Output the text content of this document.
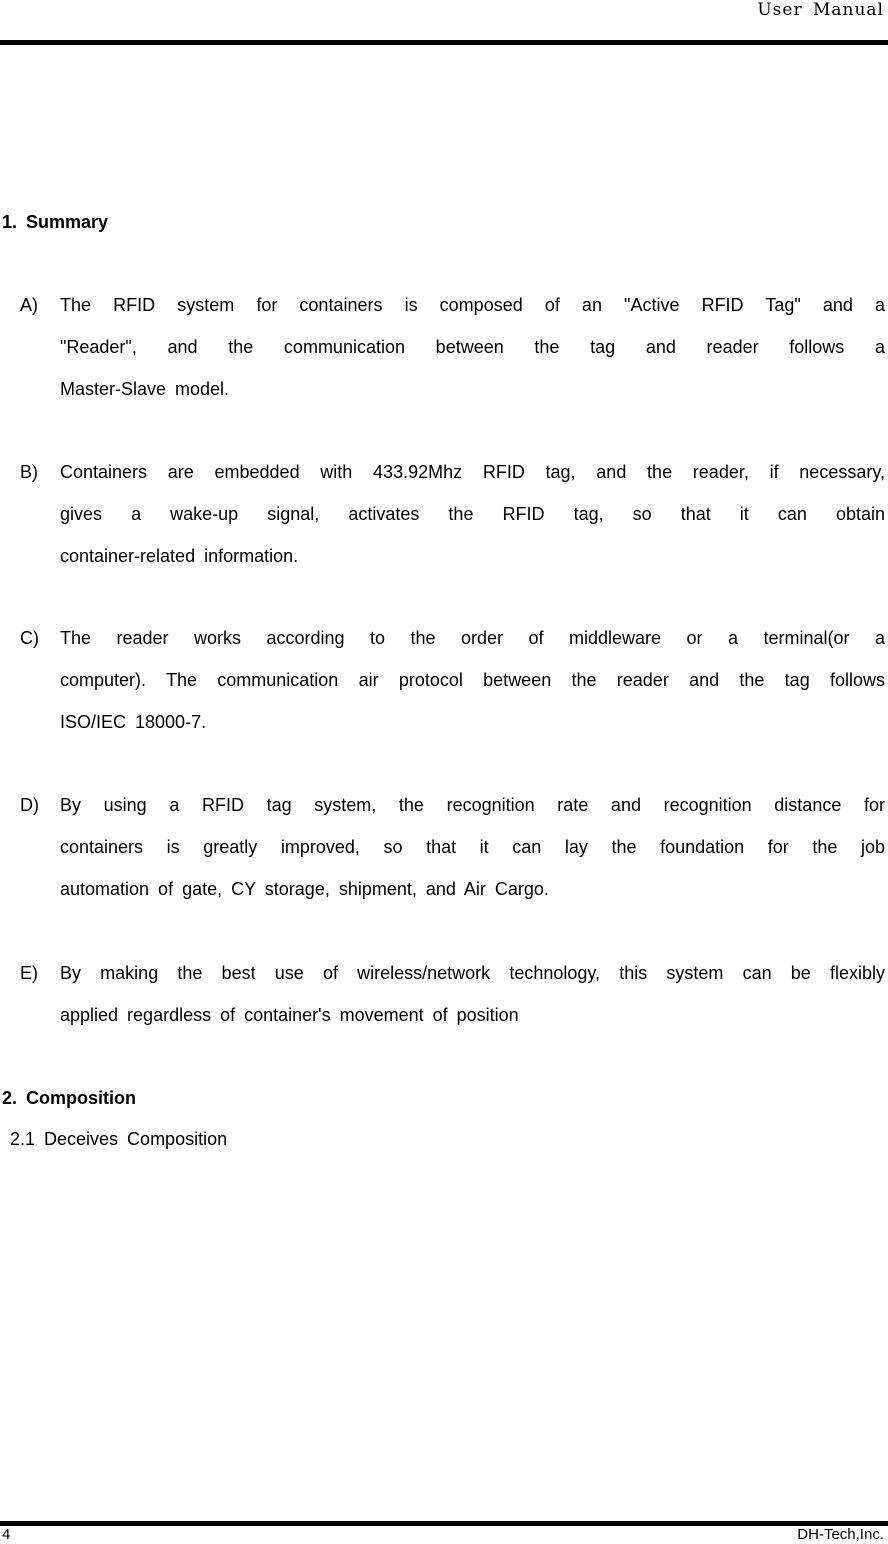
User Manual
1. Summary
A) The RFID system for containers is composed of an "Active RFID Tag" and a
"Reader", and the communication between the tag and reader follows a
Master-Slave model.
B) Containers are embedded with 433.92Mhz RFID tag, and the reader, if necessary,
gives a wake-up signal, activates the RFID tag, so that it can obtain
container-related information.
C) The reader works according to the order of middleware or a terminal(or a
computer). The communication air protocol between the reader and the tag follows
ISO/IEC 18000-7.
D) By using a RFID tag system, the recognition rate and recognition distance for
containers is greatly improved, so that it can lay the foundation for the job
automation of gate, CY storage, shipment, and Air Cargo.
E) By making the best use of wireless/network technology, this system can be flexibly
applied regardless of container's movement of position
2. Composition
2.1 Deceives Composition
4	DH-Tech,Inc.
